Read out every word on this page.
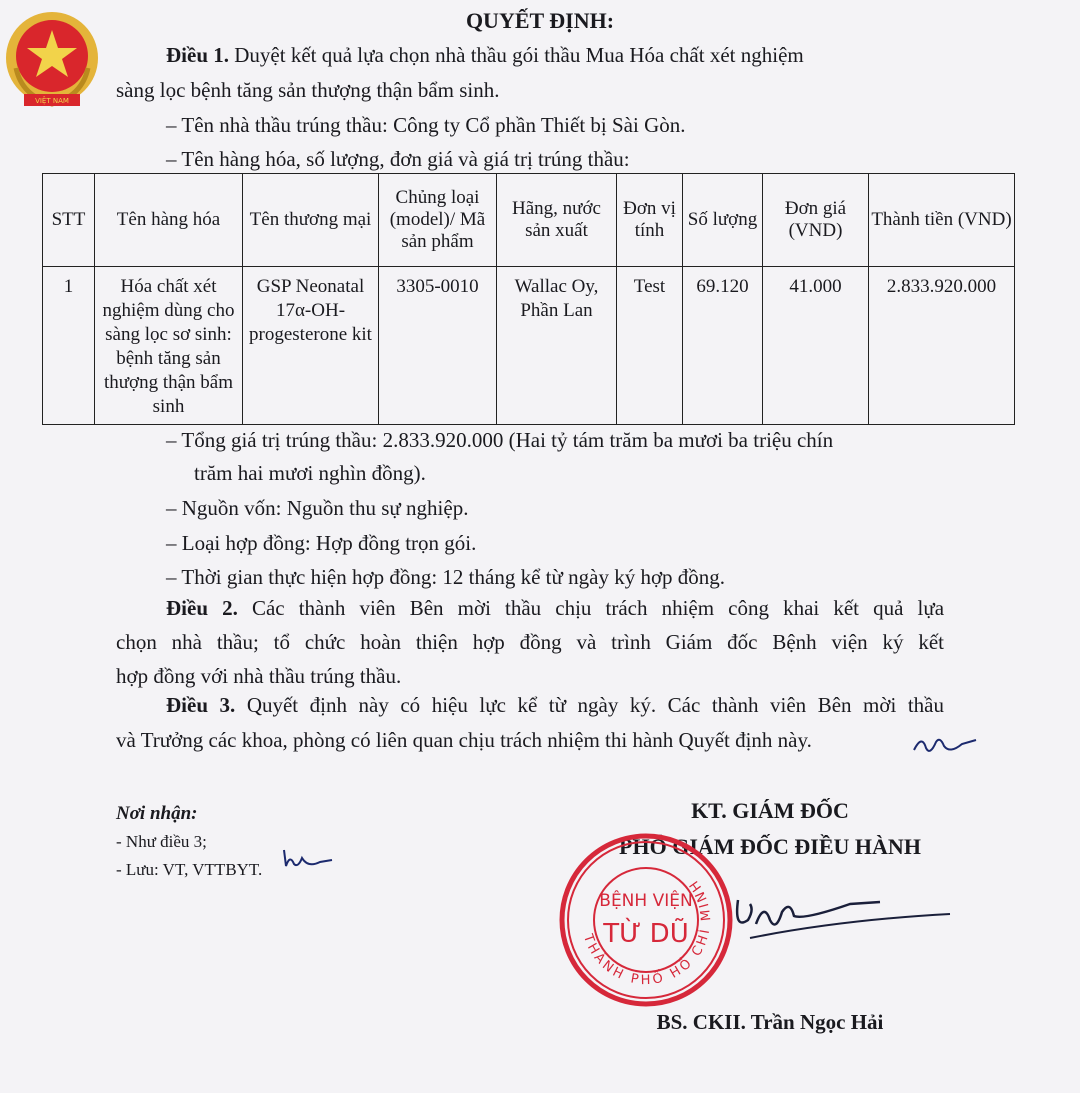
VIỆT NAM
QUYẾT ĐỊNH:
Điều 1. Duyệt kết quả lựa chọn nhà thầu gói thầu Mua Hóa chất xét nghiệm
sàng lọc bệnh tăng sản thượng thận bẩm sinh.
– Tên nhà thầu trúng thầu: Công ty Cổ phần Thiết bị Sài Gòn.
– Tên hàng hóa, số lượng, đơn giá và giá trị trúng thầu:
STT	Tên hàng hóa	Tên thương mại	Chủng loại (model)/ Mã sản phẩm	Hãng, nước sản xuất	Đơn vị tính	Số lượng	Đơn giá (VND)	Thành tiền (VND)
1	Hóa chất xét nghiệm dùng cho sàng lọc sơ sinh: bệnh tăng sản thượng thận bẩm sinh	GSP Neonatal 17α-OH-progesterone kit	3305-0010	Wallac Oy, Phần Lan	Test	69.120	41.000	2.833.920.000
– Tổng giá trị trúng thầu: 2.833.920.000 (Hai tỷ tám trăm ba mươi ba triệu chín
trăm hai mươi nghìn đồng).
– Nguồn vốn: Nguồn thu sự nghiệp.
– Loại hợp đồng: Hợp đồng trọn gói.
– Thời gian thực hiện hợp đồng: 12 tháng kể từ ngày ký hợp đồng.
Điều 2. Các thành viên Bên mời thầu chịu trách nhiệm công khai kết quả lựa
chọn nhà thầu; tổ chức hoàn thiện hợp đồng và trình Giám đốc Bệnh viện ký kết
hợp đồng với nhà thầu trúng thầu.
Điều 3. Quyết định này có hiệu lực kể từ ngày ký. Các thành viên Bên mời thầu
và Trưởng các khoa, phòng có liên quan chịu trách nhiệm thi hành Quyết định này.
Nơi nhận:
- Như điều 3;
- Lưu: VT, VTTBYT.
KT. GIÁM ĐỐC
PHÓ GIÁM ĐỐC ĐIỀU HÀNH
THÀNH PHỐ HỒ CHÍ MINH
BỆNH VIỆN
TỪ DŨ
BS. CKII. Trần Ngọc Hải
